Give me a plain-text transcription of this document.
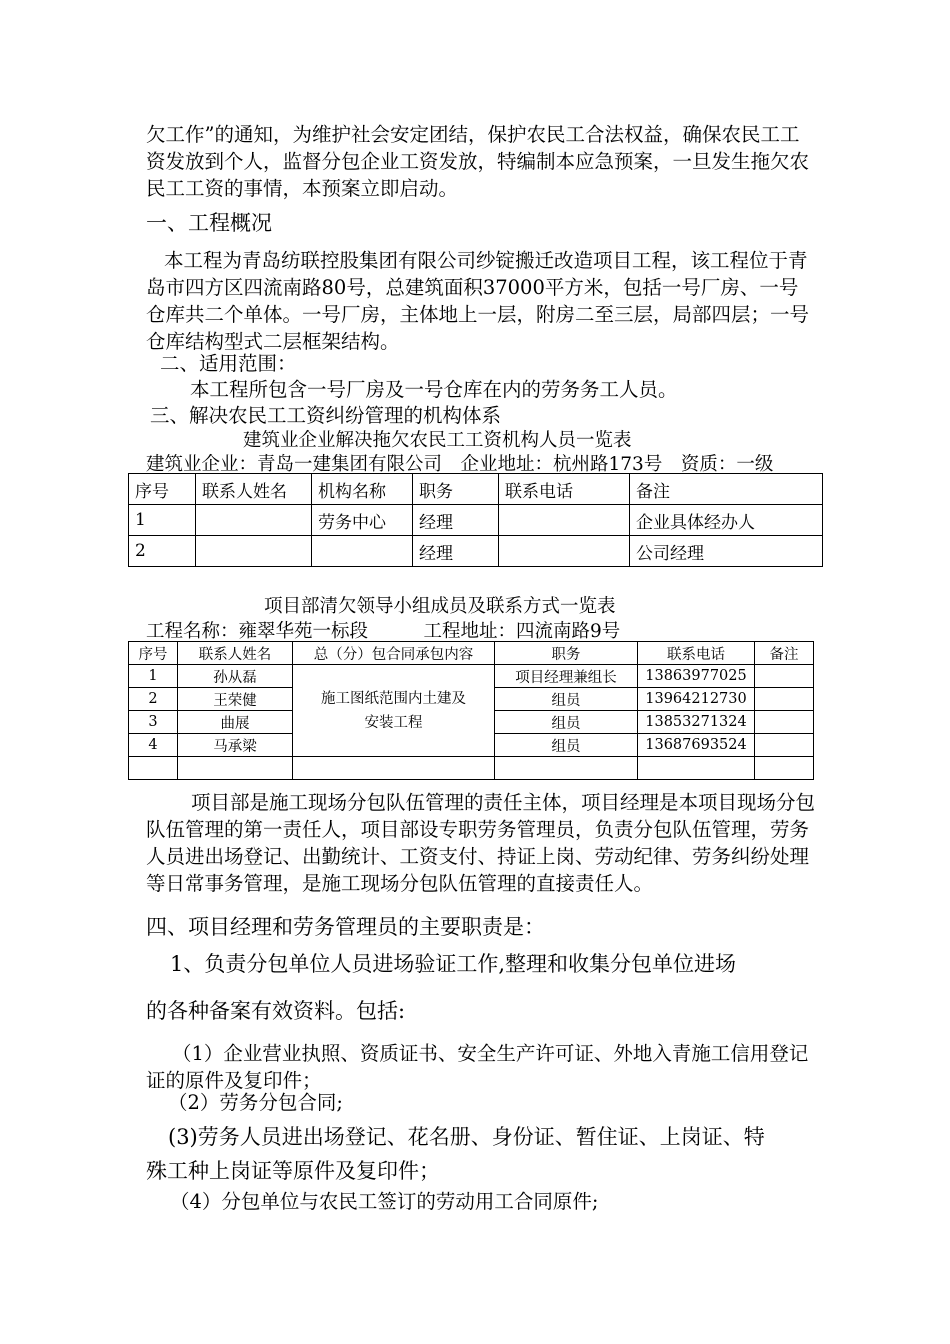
欠工作”的通知，为维护社会安定团结，保护农民工合法权益，确保农民工工资发放到个人，监督分包企业工资发放，特编制本应急预案，一旦发生拖欠农民工工资的事情，本预案立即启动。
一、工程概况
本工程为青岛纺联控股集团有限公司纱锭搬迁改造项目工程，该工程位于青岛市四方区四流南路80号，总建筑面积37000平方米，包括一号厂房、一号仓库共二个单体。一号厂房，主体地上一层，附房二至三层，局部四层；一号仓库结构型式二层框架结构。
二、适用范围：
本工程所包含一号厂房及一号仓库在内的劳务务工人员。
三、解决农民工工资纠纷管理的机构体系
建筑业企业解决拖欠农民工工资机构人员一览表
建筑业企业：青岛一建集团有限公司　企业地址：杭州路173号　资质：一级
序号	联系人姓名	机构名称	职务	联系电话	备注
1		劳务中心	经理		企业具体经办人
2			经理		公司经理
项目部清欠领导小组成员及联系方式一览表
工程名称：雍翠华苑一标段　　　工程地址：四流南路9号
序号	联系人姓名	总（分）包合同承包内容	职务	联系电话	备注
1	孙从磊	施工图纸范围内土建及
安装工程	项目经理兼组长	13863977025	
2	王荣健		组员	13964212730	
3	曲展		组员	13853271324	
4	马承梁		组员	13687693524	

项目部是施工现场分包队伍管理的责任主体，项目经理是本项目现场分包队伍管理的第一责任人，项目部设专职劳务管理员，负责分包队伍管理，劳务人员进出场登记、出勤统计、工资支付、持证上岗、劳动纪律、劳务纠纷处理等日常事务管理，是施工现场分包队伍管理的直接责任人。
四、项目经理和劳务管理员的主要职责是：
1、负责分包单位人员进场验证工作,整理和收集分包单位进场
的各种备案有效资料。包括:
（1）企业营业执照、资质证书、安全生产许可证、外地入青施工信用登记证的原件及复印件；
（2）劳务分包合同;
(3)劳务人员进出场登记、花名册、身份证、暂住证、上岗证、特
殊工种上岗证等原件及复印件；
（4）分包单位与农民工签订的劳动用工合同原件;
